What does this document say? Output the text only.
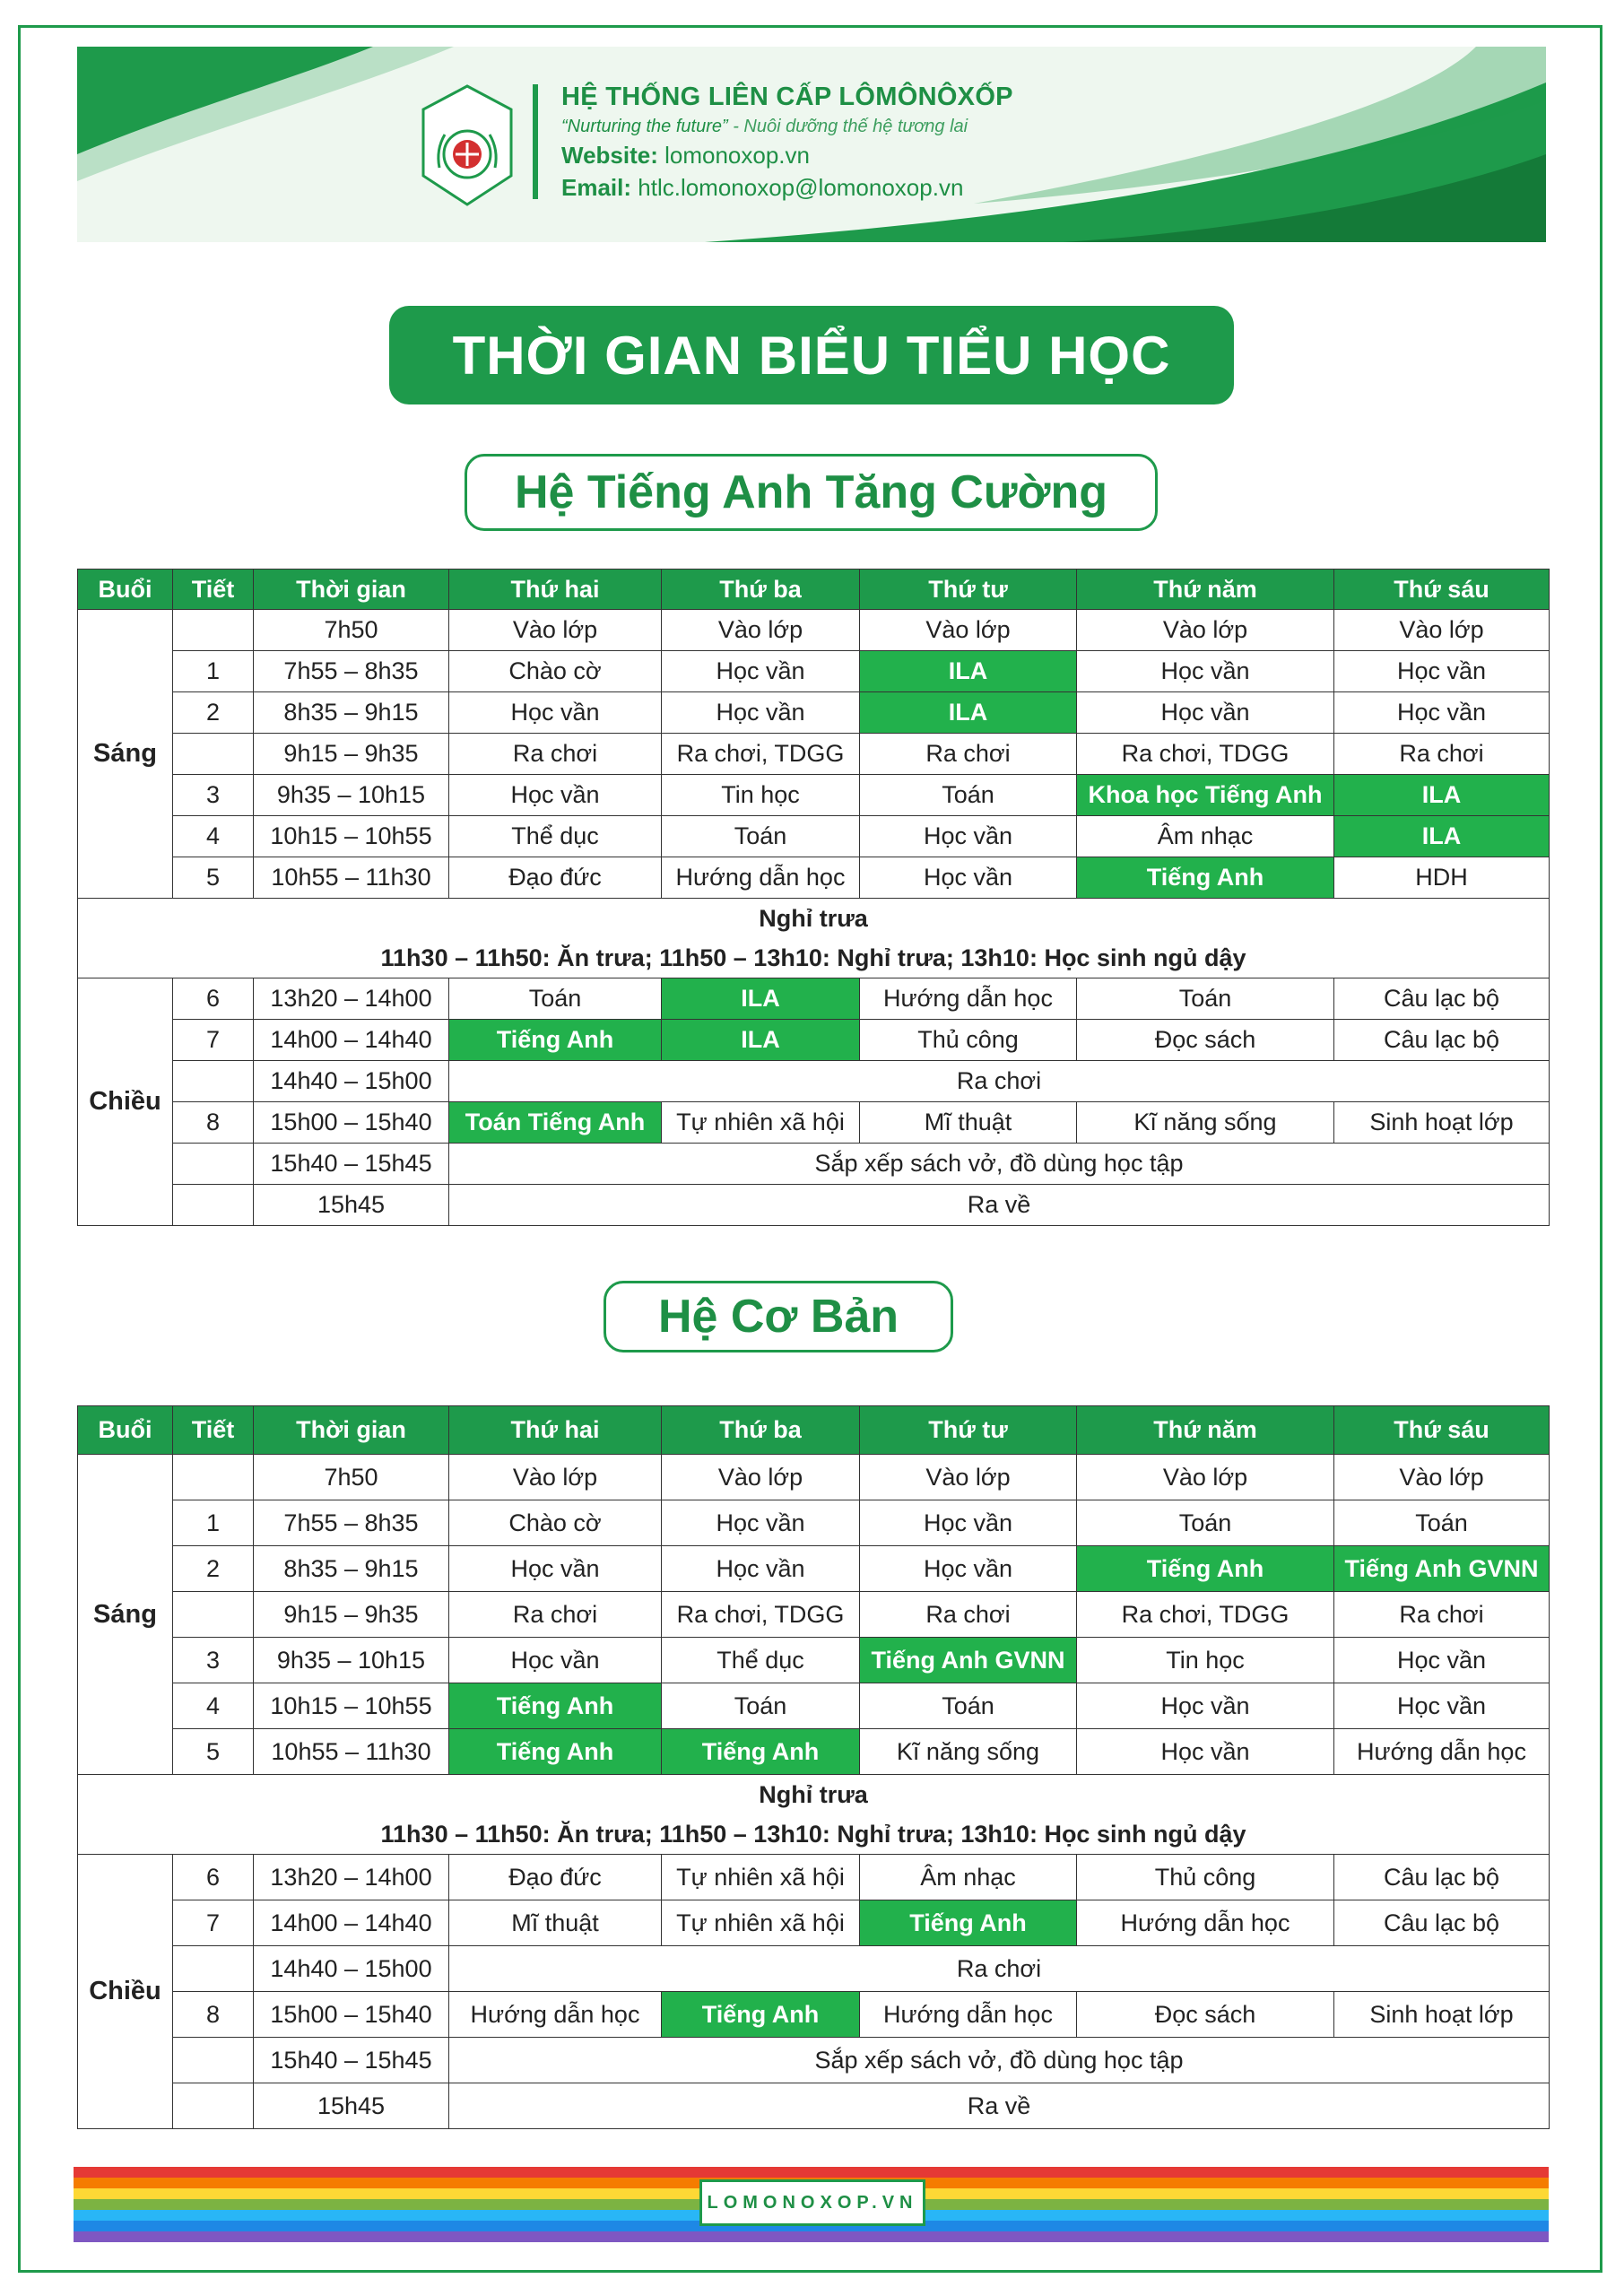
HỆ THỐNG LIÊN CẤP LÔMÔNÔXỐP
“Nurturing the future” - Nuôi dưỡng thế hệ tương lai
Website: lomonoxop.vn
Email: htlc.lomonoxop@lomonoxop.vn
THỜI GIAN BIỂU TIỂU HỌC
Hệ Tiếng Anh Tăng Cường
Buổi	Tiết	Thời gian	Thứ hai	Thứ ba	Thứ tư	Thứ năm	Thứ sáu
Sáng		7h50	Vào lớp	Vào lớp	Vào lớp	Vào lớp	Vào lớp
	1	7h55 – 8h35	Chào cờ	Học vần	ILA	Học vần	Học vần
	2	8h35 – 9h15	Học vần	Học vần	ILA	Học vần	Học vần
		9h15 – 9h35	Ra chơi	Ra chơi, TDGG	Ra chơi	Ra chơi, TDGG	Ra chơi
	3	9h35 – 10h15	Học vần	Tin học	Toán	Khoa học Tiếng Anh	ILA
	4	10h15 – 10h55	Thể dục	Toán	Học vần	Âm nhạc	ILA
	5	10h55 – 11h30	Đạo đức	Hướng dẫn học	Học vần	Tiếng Anh	HDH

Nghỉ trưa
11h30 – 11h50: Ăn trưa; 11h50 – 13h10: Nghỉ trưa; 13h10: Học sinh ngủ dậy							

Chiều	6	13h20 – 14h00	Toán	ILA	Hướng dẫn học	Toán	Câu lạc bộ
	7	14h00 – 14h40	Tiếng Anh	ILA	Thủ công	Đọc sách	Câu lạc bộ
		14h40 – 15h00	Ra chơi				
	8	15h00 – 15h40	Toán Tiếng Anh	Tự nhiên xã hội	Mĩ thuật	Kĩ năng sống	Sinh hoạt lớp
		15h40 – 15h45	Sắp xếp sách vở, đồ dùng học tập				
		15h45	Ra về				
Hệ Cơ Bản
Buổi	Tiết	Thời gian	Thứ hai	Thứ ba	Thứ tư	Thứ năm	Thứ sáu
Sáng		7h50	Vào lớp	Vào lớp	Vào lớp	Vào lớp	Vào lớp
	1	7h55 – 8h35	Chào cờ	Học vần	Học vần	Toán	Toán
	2	8h35 – 9h15	Học vần	Học vần	Học vần	Tiếng Anh	Tiếng Anh GVNN
		9h15 – 9h35	Ra chơi	Ra chơi, TDGG	Ra chơi	Ra chơi, TDGG	Ra chơi
	3	9h35 – 10h15	Học vần	Thể dục	Tiếng Anh GVNN	Tin học	Học vần
	4	10h15 – 10h55	Tiếng Anh	Toán	Toán	Học vần	Học vần
	5	10h55 – 11h30	Tiếng Anh	Tiếng Anh	Kĩ năng sống	Học vần	Hướng dẫn học

Nghỉ trưa
11h30 – 11h50: Ăn trưa; 11h50 – 13h10: Nghỉ trưa; 13h10: Học sinh ngủ dậy							

Chiều	6	13h20 – 14h00	Đạo đức	Tự nhiên xã hội	Âm nhạc	Thủ công	Câu lạc bộ
	7	14h00 – 14h40	Mĩ thuật	Tự nhiên xã hội	Tiếng Anh	Hướng dẫn học	Câu lạc bộ
		14h40 – 15h00	Ra chơi				
	8	15h00 – 15h40	Hướng dẫn học	Tiếng Anh	Hướng dẫn học	Đọc sách	Sinh hoạt lớp
		15h40 – 15h45	Sắp xếp sách vở, đồ dùng học tập				
		15h45	Ra về				
LOMONOXOP.VN
